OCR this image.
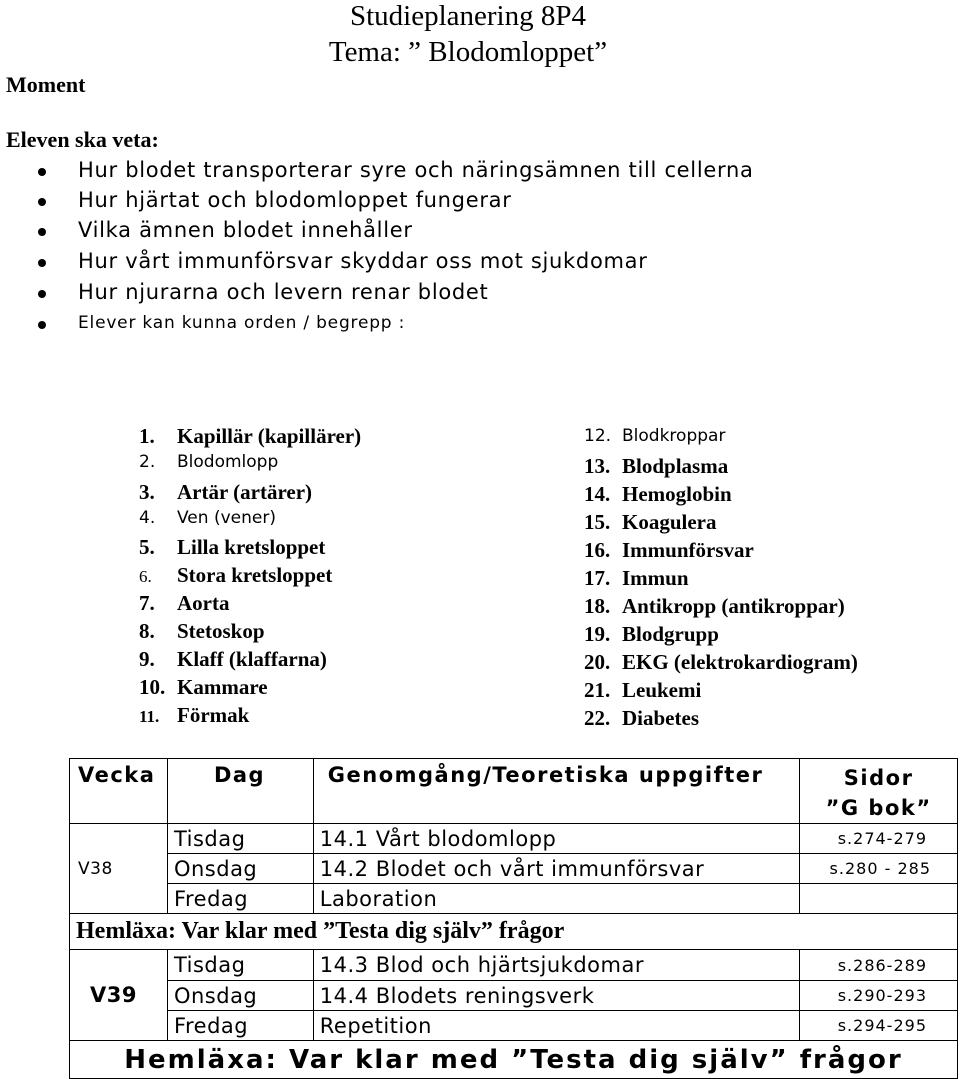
Studieplanering 8P4
Tema: ” Blodomloppet”
Moment
Eleven ska veta:
Hur blodet transporterar syre och näringsämnen till cellerna
Hur hjärtat och blodomloppet fungerar
Vilka ämnen blodet innehåller
Hur vårt immunförsvar skyddar oss mot sjukdomar
Hur njurarna och levern renar blodet
Elever kan kunna orden / begrepp :
1. Kapillär (kapillärer)
2. Blodomlopp
3. Artär (artärer)
4. Ven (vener)
5. Lilla kretsloppet
6. Stora kretsloppet
7. Aorta
8. Stetoskop
9. Klaff (klaffarna)
10. Kammare
11. Förmak
12. Blodkroppar
13. Blodplasma
14. Hemoglobin
15. Koagulera
16. Immunförsvar
17. Immun
18. Antikropp (antikroppar)
19. Blodgrupp
20. EKG (elektrokardiogram)
21. Leukemi
22. Diabetes
Vecka	Dag	Genomgång/Teoretiska uppgifter	Sidor
”G bok”

V38	Tisdag	14.1 Vårt blodomlopp	s.274-279
	Onsdag	14.2 Blodet och vårt immunförsvar	s.280 - 285
	Fredag	Laboration	
Hemläxa: Var klar med ”Testa dig själv” frågor			
V39	Tisdag	14.3 Blod och hjärtsjukdomar	s.286-289
	Onsdag	14.4 Blodets reningsverk	s.290-293
	Fredag	Repetition	s.294-295
Hemläxa: Var klar med ”Testa dig själv” frågor			
